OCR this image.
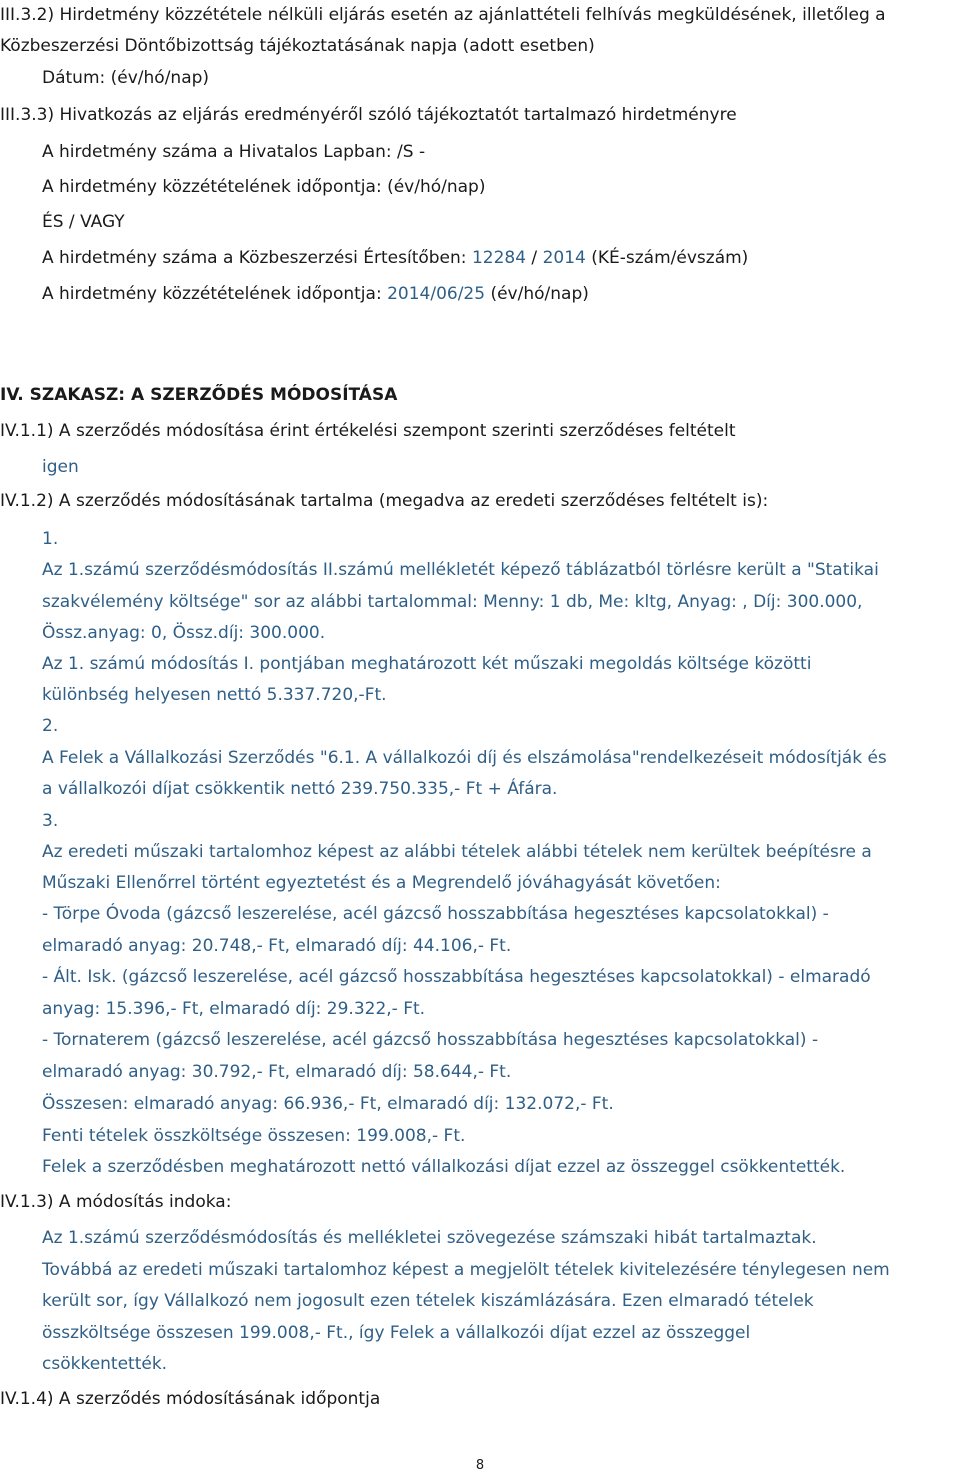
III.3.2) Hirdetmény közzététele nélküli eljárás esetén az ajánlattételi felhívás megküldésének, illetőleg a
Közbeszerzési Döntőbizottság tájékoztatásának napja (adott esetben)
Dátum: (év/hó/nap)
III.3.3) Hivatkozás az eljárás eredményéről szóló tájékoztatót tartalmazó hirdetményre
A hirdetmény száma a Hivatalos Lapban: /S -
A hirdetmény közzétételének időpontja: (év/hó/nap)
ÉS / VAGY
A hirdetmény száma a Közbeszerzési Értesítőben: 12284 / 2014 (KÉ-szám/évszám)
A hirdetmény közzétételének időpontja: 2014/06/25 (év/hó/nap)
IV. SZAKASZ: A SZERZŐDÉS MÓDOSÍTÁSA
IV.1.1) A szerződés módosítása érint értékelési szempont szerinti szerződéses feltételt
igen
IV.1.2) A szerződés módosításának tartalma (megadva az eredeti szerződéses feltételt is):
1.
Az 1.számú szerződésmódosítás II.számú mellékletét képező táblázatból törlésre került a "Statikai
szakvélemény költsége" sor az alábbi tartalommal: Menny: 1 db, Me: kltg, Anyag: , Díj: 300.000,
Össz.anyag: 0, Össz.díj: 300.000.
Az 1. számú módosítás I. pontjában meghatározott két műszaki megoldás költsége közötti
különbség helyesen nettó 5.337.720,-Ft.
2.
A Felek a Vállalkozási Szerződés "6.1. A vállalkozói díj és elszámolása"rendelkezéseit módosítják és
a vállalkozói díjat csökkentik nettó 239.750.335,- Ft + Áfára.
3.
Az eredeti műszaki tartalomhoz képest az alábbi tételek alábbi tételek nem kerültek beépítésre a
Műszaki Ellenőrrel történt egyeztetést és a Megrendelő jóváhagyását követően:
- Törpe Óvoda (gázcső leszerelése, acél gázcső hosszabbítása hegesztéses kapcsolatokkal) -
elmaradó anyag: 20.748,- Ft, elmaradó díj: 44.106,- Ft.
- Ált. Isk. (gázcső leszerelése, acél gázcső hosszabbítása hegesztéses kapcsolatokkal) - elmaradó
anyag: 15.396,- Ft, elmaradó díj: 29.322,- Ft.
- Tornaterem (gázcső leszerelése, acél gázcső hosszabbítása hegesztéses kapcsolatokkal) -
elmaradó anyag: 30.792,- Ft, elmaradó díj: 58.644,- Ft.
Összesen: elmaradó anyag: 66.936,- Ft, elmaradó díj: 132.072,- Ft.
Fenti tételek összköltsége összesen: 199.008,- Ft.
Felek a szerződésben meghatározott nettó vállalkozási díjat ezzel az összeggel csökkentették.
IV.1.3) A módosítás indoka:
Az 1.számú szerződésmódosítás és mellékletei szövegezése számszaki hibát tartalmaztak.
Továbbá az eredeti műszaki tartalomhoz képest a megjelölt tételek kivitelezésére ténylegesen nem
került sor, így Vállalkozó nem jogosult ezen tételek kiszámlázására. Ezen elmaradó tételek
összköltsége összesen 199.008,- Ft., így Felek a vállalkozói díjat ezzel az összeggel
csökkentették.
IV.1.4) A szerződés módosításának időpontja
8
